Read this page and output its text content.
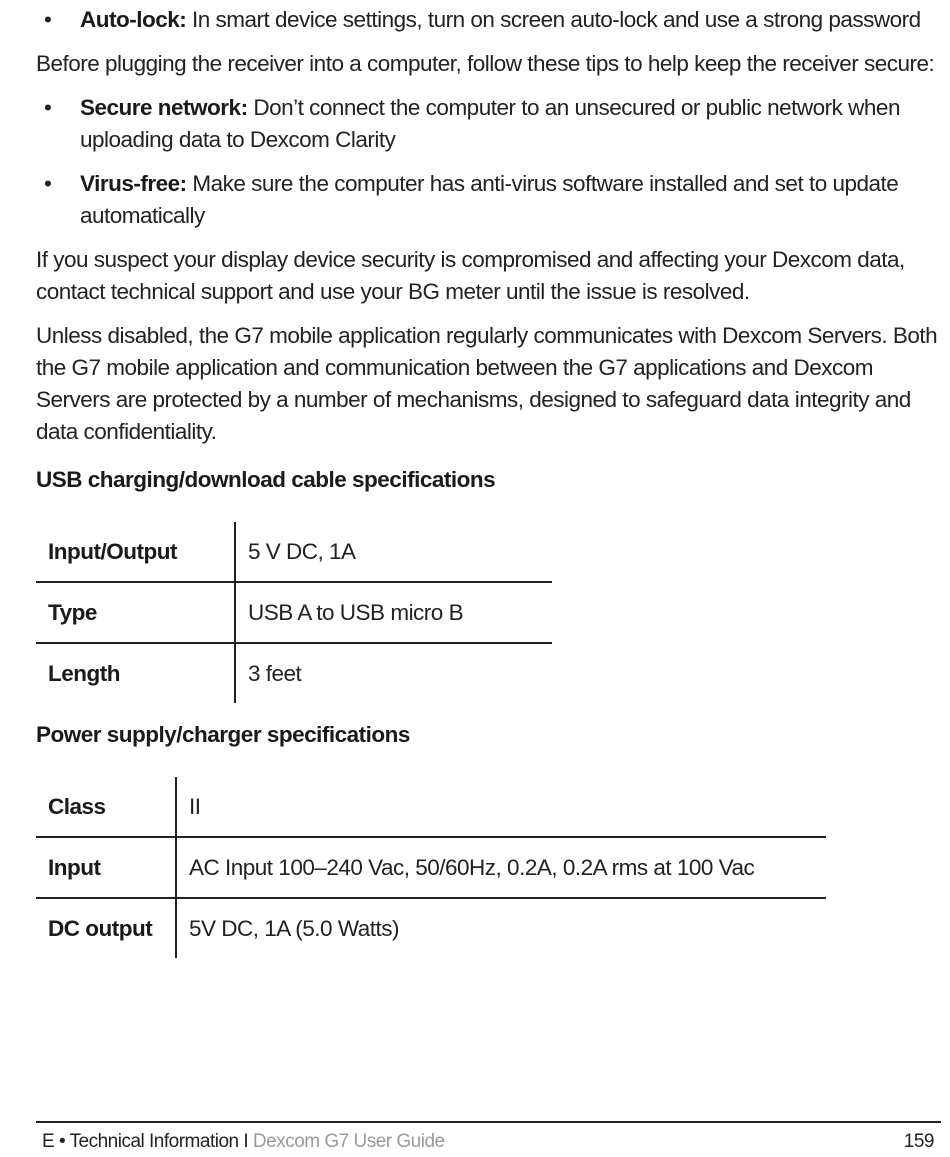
• Auto-lock: In smart device settings, turn on screen auto-lock and use a strong password

Before plugging the receiver into a computer, follow these tips to help keep the receiver secure:

• Secure network: Don’t connect the computer to an unsecured or public network when uploading data to Dexcom Clarity
• Virus-free: Make sure the computer has anti-virus software installed and set to update automatically

If you suspect your display device security is compromised and affecting your Dexcom data, contact technical support and use your BG meter until the issue is resolved.

Unless disabled, the G7 mobile application regularly communicates with Dexcom Servers. Both the G7 mobile application and communication between the G7 applications and Dexcom Servers are protected by a number of mechanisms, designed to safeguard data integrity and data confidentiality.

USB charging/download cable specifications
Input/Output	5 V DC, 1A
Type	USB A to USB micro B
Length	3 feet
Power supply/charger specifications
Class	II
Input	AC Input 100–240 Vac, 50/60Hz, 0.2A, 0.2A rms at 100 Vac
DC output	5V DC, 1A (5.0 Watts)
E • Technical Information I Dexcom G7 User Guide	159
